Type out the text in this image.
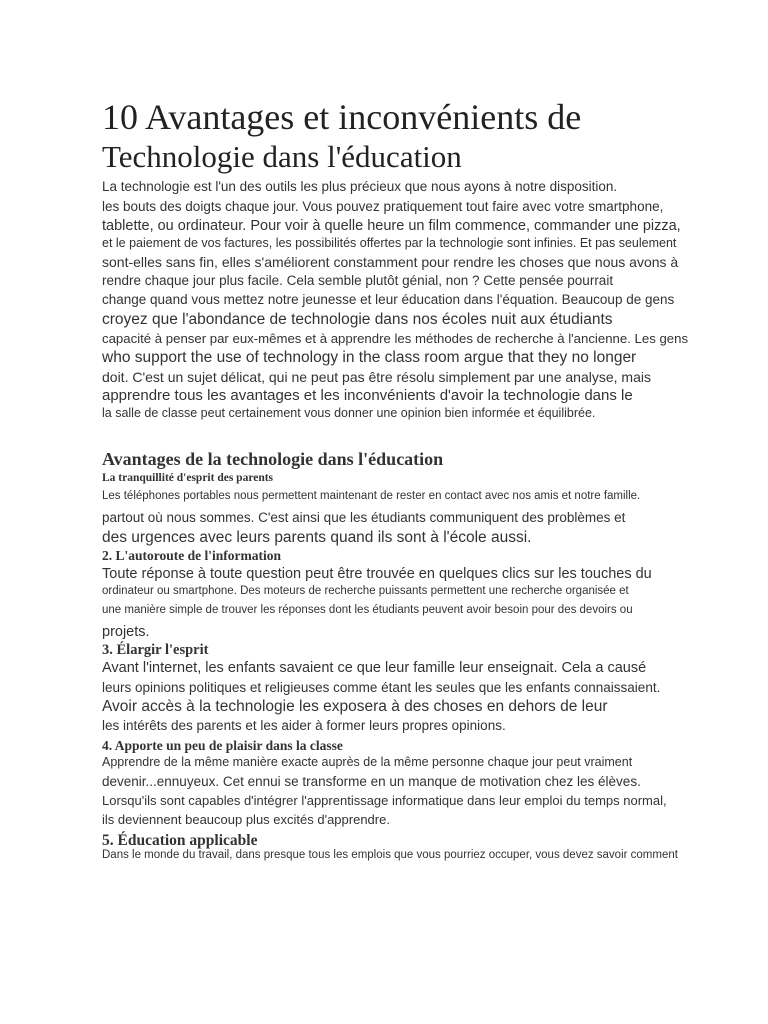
10 Avantages et inconvénients de
Technologie dans l'éducation

La technologie est l'un des outils les plus précieux que nous ayons à notre disposition.

les bouts des doigts chaque jour. Vous pouvez pratiquement tout faire avec votre smartphone,

tablette, ou ordinateur. Pour voir à quelle heure un film commence, commander une pizza,

et le paiement de vos factures, les possibilités offertes par la technologie sont infinies. Et pas seulement

sont-elles sans fin, elles s'améliorent constamment pour rendre les choses que nous avons à

rendre chaque jour plus facile. Cela semble plutôt génial, non ? Cette pensée pourrait

change quand vous mettez notre jeunesse et leur éducation dans l'équation. Beaucoup de gens

croyez que l'abondance de technologie dans nos écoles nuit aux étudiants

capacité à penser par eux-mêmes et à apprendre les méthodes de recherche à l'ancienne. Les gens

who support the use of technology in the class room argue that they no longer

doit. C'est un sujet délicat, qui ne peut pas être résolu simplement par une analyse, mais

apprendre tous les avantages et les inconvénients d'avoir la technologie dans le

la salle de classe peut certainement vous donner une opinion bien informée et équilibrée.

Avantages de la technologie dans l'éducation
La tranquillité d'esprit des parents

Les téléphones portables nous permettent maintenant de rester en contact avec nos amis et notre famille.

partout où nous sommes. C'est ainsi que les étudiants communiquent des problèmes et

des urgences avec leurs parents quand ils sont à l'école aussi.

2. L'autoroute de l'information

Toute réponse à toute question peut être trouvée en quelques clics sur les touches du

ordinateur ou smartphone. Des moteurs de recherche puissants permettent une recherche organisée et

une manière simple de trouver les réponses dont les étudiants peuvent avoir besoin pour des devoirs ou

projets.

3. Élargir l'esprit

Avant l'internet, les enfants savaient ce que leur famille leur enseignait. Cela a causé

leurs opinions politiques et religieuses comme étant les seules que les enfants connaissaient.

Avoir accès à la technologie les exposera à des choses en dehors de leur

les intérêts des parents et les aider à former leurs propres opinions.

4. Apporte un peu de plaisir dans la classe

Apprendre de la même manière exacte auprès de la même personne chaque jour peut vraiment

devenir...ennuyeux. Cet ennui se transforme en un manque de motivation chez les élèves.

Lorsqu'ils sont capables d'intégrer l'apprentissage informatique dans leur emploi du temps normal,

ils deviennent beaucoup plus excités d'apprendre.

5. Éducation applicable

Dans le monde du travail, dans presque tous les emplois que vous pourriez occuper, vous devez savoir comment
